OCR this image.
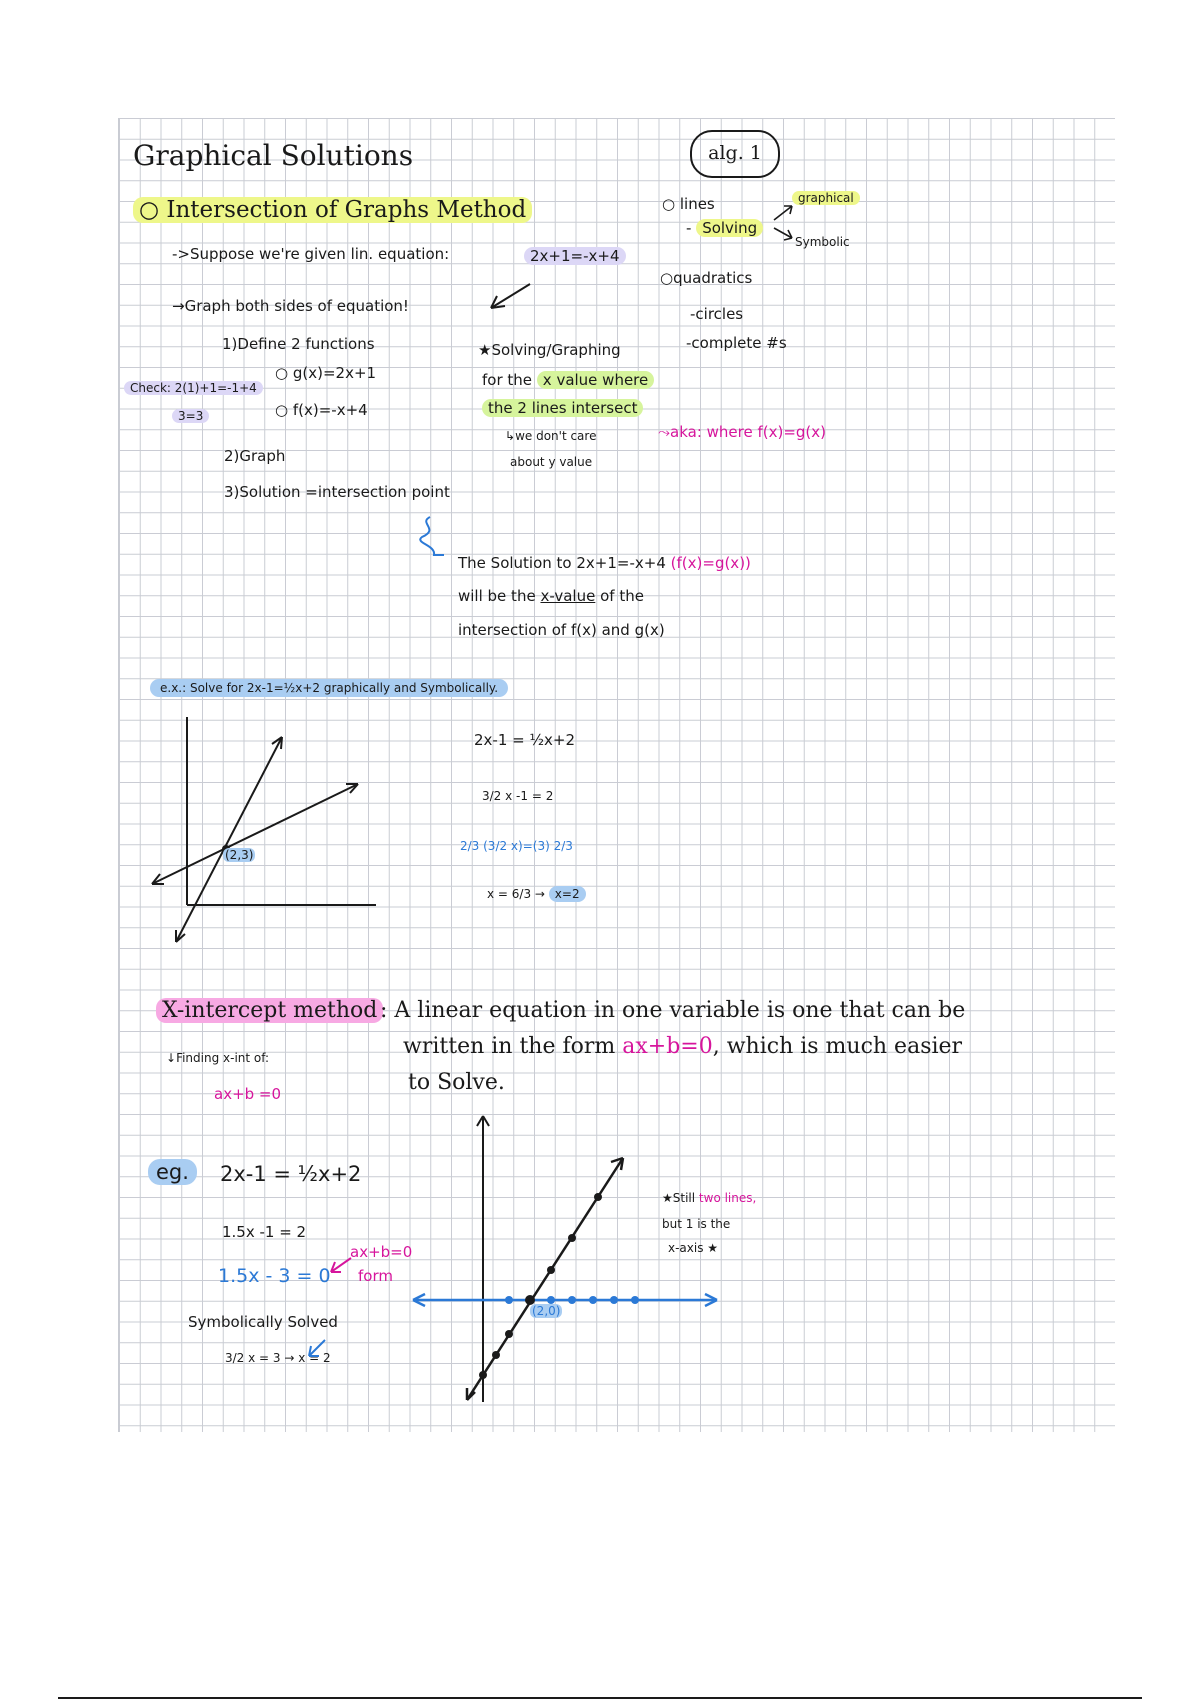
Graphical Solutions	alg. 1
○ Intersection of Graphs Method
->Suppose we're given lin. equation:	2x+1=-x+4
→Graph both sides of equation!
1)Define 2 functions
○ g(x)=2x+1
○ f(x)=-x+4
Check: 2(1)+1=-1+4
3=3
2)Graph
3)Solution =intersection point
★Solving/Graphing
for the x value where
the 2 lines intersect
↳we don't care
about y value
⤳aka: where f(x)=g(x)
The Solution to 2x+1=-x+4 (f(x)=g(x))
will be the x-value of the
intersection of f(x) and g(x)
○ lines
- Solving
graphical
Symbolic
○quadratics
-circles
-complete #s
e.x.: Solve for 2x-1=½x+2 graphically and Symbolically.
(2,3)
2x-1 = ½x+2
3/2 x -1 = 2
2/3 (3/2 x)=(3) 2/3
x = 6/3 → x=2
X-intercept method : A linear equation in one variable is one that can be
written in the form ax+b=0, which is much easier
to Solve.
↓Finding x-int of:
ax+b =0
eg.	2x-1 = ½x+2
1.5x -1 = 2
1.5x - 3 = 0
ax+b=0
form
Symbolically Solved
3/2 x = 3 → x = 2
(2,0)
★Still two lines,
but 1 is the
x-axis ★
